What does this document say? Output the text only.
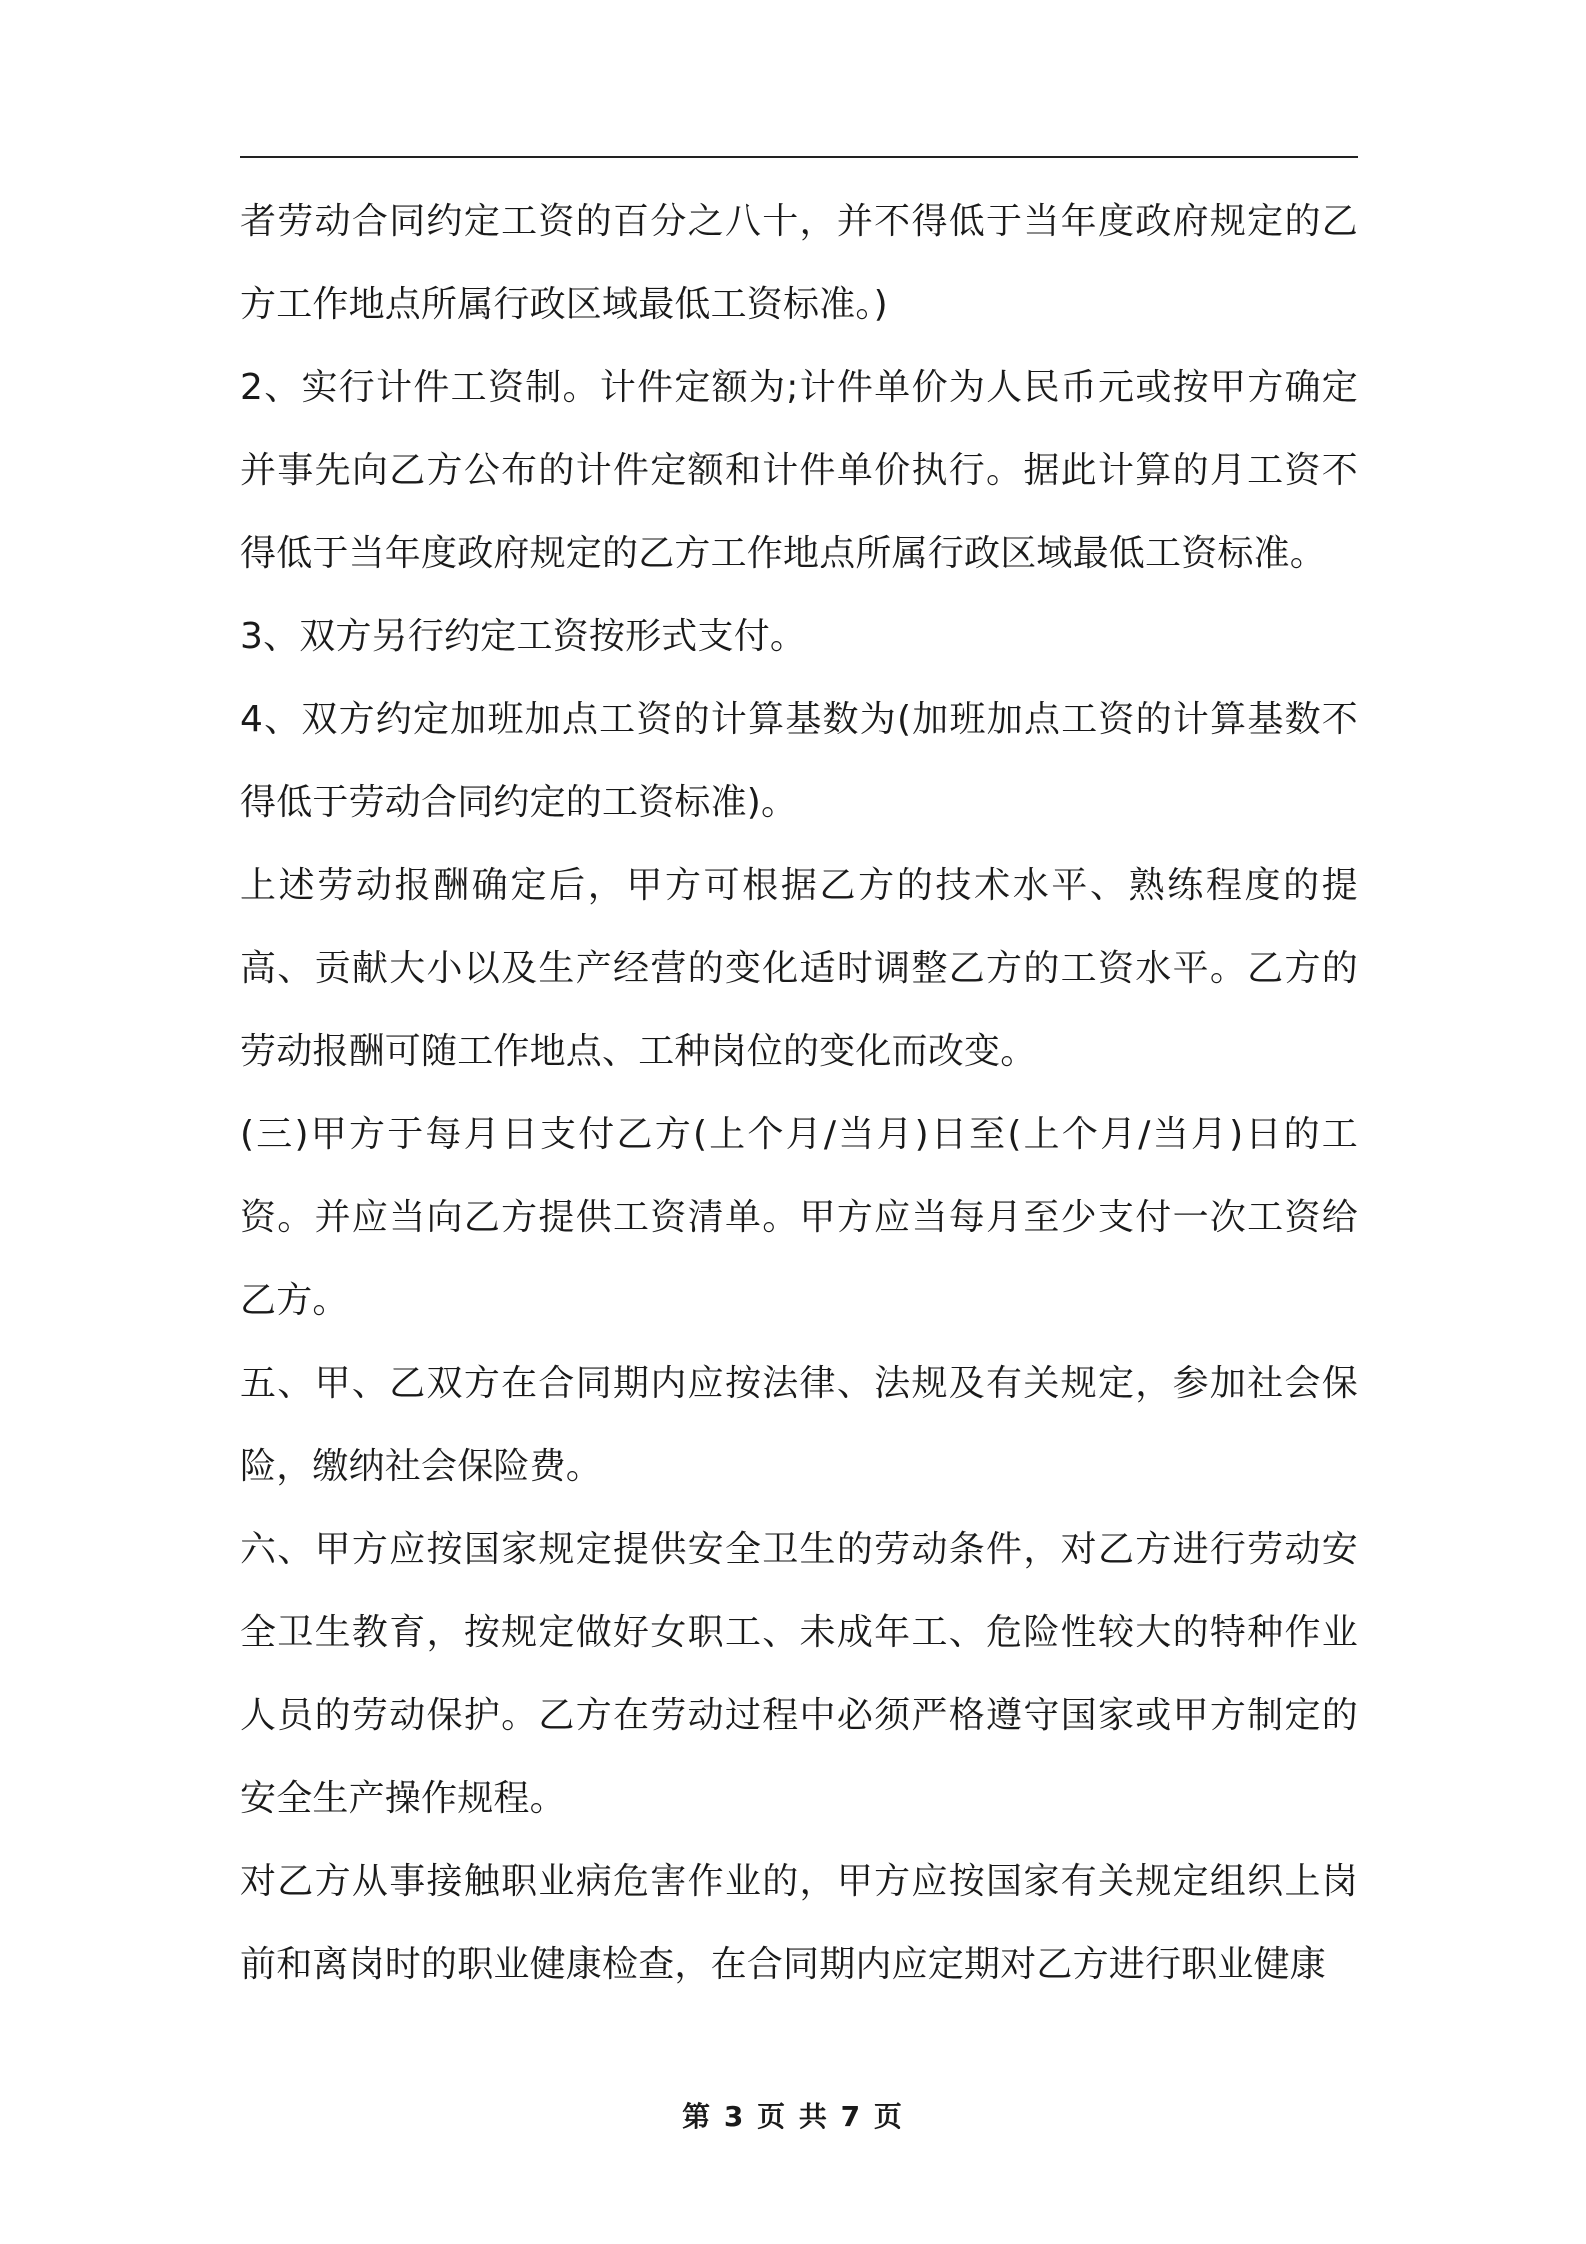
者劳动合同约定工资的百分之八十，并不得低于当年度政府规定的乙方工作地点所属行政区域最低工资标准。)

2、实行计件工资制。计件定额为;计件单价为人民币元或按甲方确定并事先向乙方公布的计件定额和计件单价执行。据此计算的月工资不得低于当年度政府规定的乙方工作地点所属行政区域最低工资标准。

3、双方另行约定工资按形式支付。

4、双方约定加班加点工资的计算基数为(加班加点工资的计算基数不得低于劳动合同约定的工资标准)。

上述劳动报酬确定后，甲方可根据乙方的技术水平、熟练程度的提高、贡献大小以及生产经营的变化适时调整乙方的工资水平。乙方的劳动报酬可随工作地点、工种岗位的变化而改变。

(三)甲方于每月日支付乙方(上个月/当月)日至(上个月/当月)日的工资。并应当向乙方提供工资清单。甲方应当每月至少支付一次工资给乙方。

五、甲、乙双方在合同期内应按法律、法规及有关规定，参加社会保险，缴纳社会保险费。

六、甲方应按国家规定提供安全卫生的劳动条件，对乙方进行劳动安全卫生教育，按规定做好女职工、未成年工、危险性较大的特种作业人员的劳动保护。乙方在劳动过程中必须严格遵守国家或甲方制定的安全生产操作规程。

对乙方从事接触职业病危害作业的，甲方应按国家有关规定组织上岗前和离岗时的职业健康检查，在合同期内应定期对乙方进行职业健康

第 3 页 共 7 页
